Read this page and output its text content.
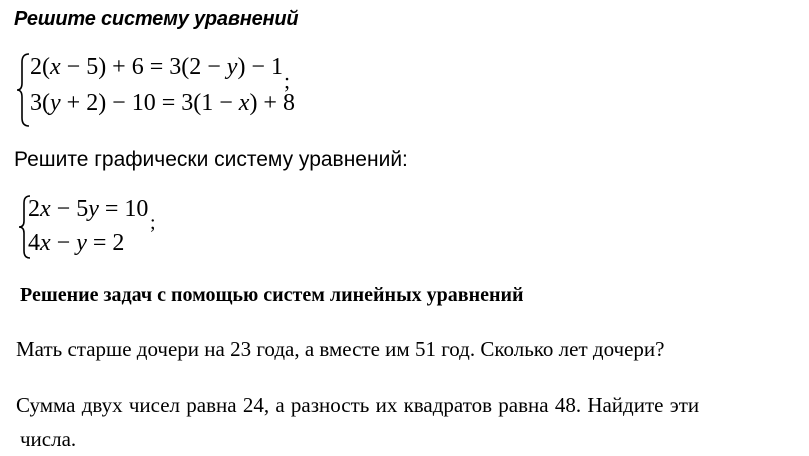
Решите систему уравнений
2(x − 5) + 6 = 3(2 − y) − 1
3(y + 2) − 10 = 3(1 − x) + 8
;
Решите графически систему уравнений:
2x − 5y = 10
4x − y = 2
;
Решение задач с помощью систем линейных уравнений
Мать старше дочери на 23 года, а вместе им 51 год. Сколько лет дочери?
Сумма двух чисел равна 24, а разность их квадратов равна 48. Найдите эти
числа.
